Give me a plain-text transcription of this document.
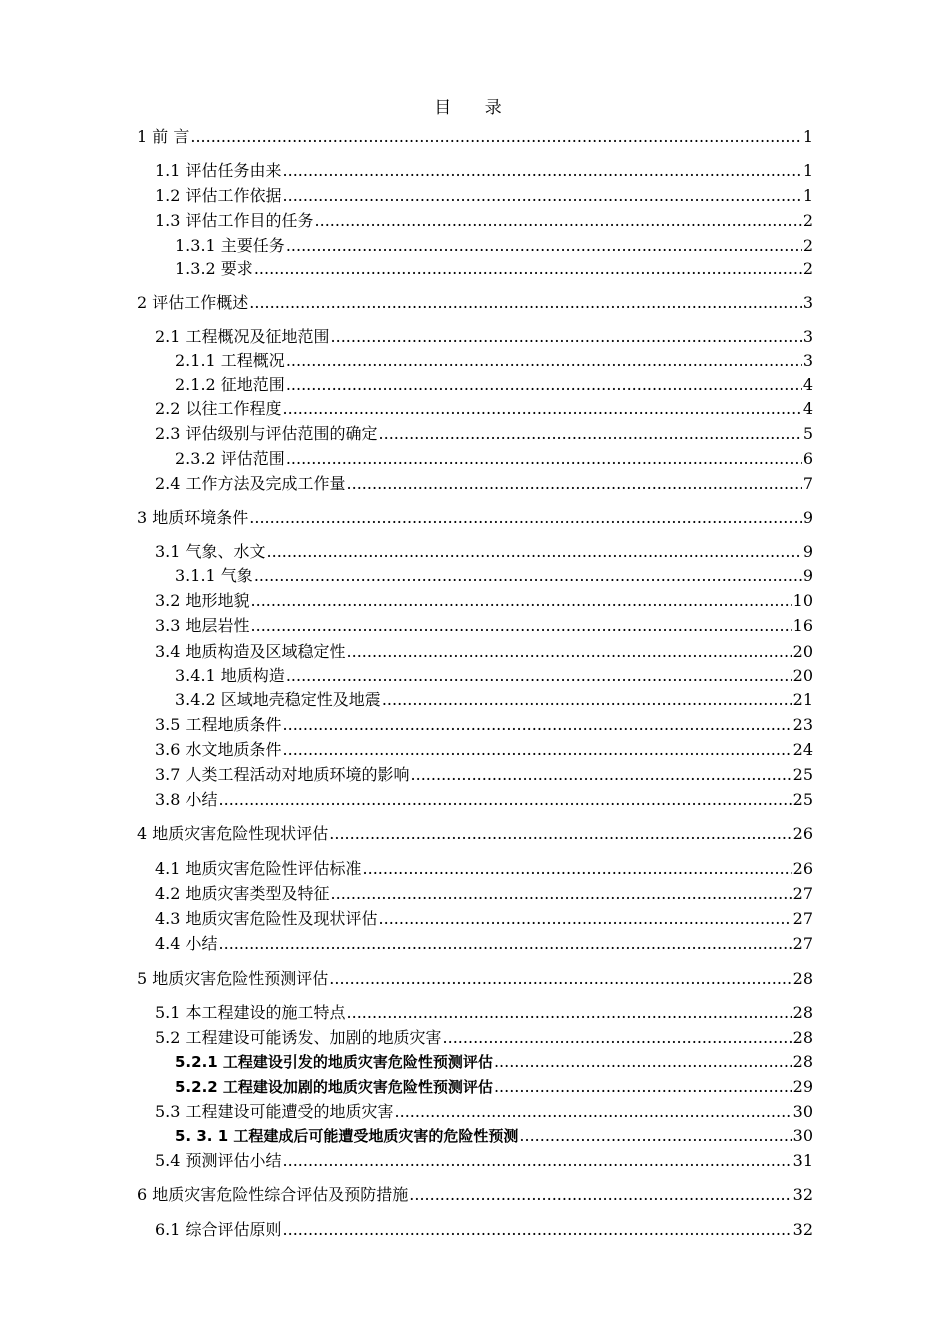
目 录
1 前 言 .....	1
1.1 评估任务由来 .....	1
1.2 评估工作依据 .....	1
1.3 评估工作目的任务 .....	2
1.3.1 主要任务 .....	2
1.3.2 要求 .....	2
2 评估工作概述 .....	3
2.1 工程概况及征地范围 .....	3
2.1.1 工程概况 .....	3
2.1.2 征地范围 .....	4
2.2 以往工作程度 .....	4
2.3 评估级别与评估范围的确定 .....	5
2.3.2 评估范围 .....	6
2.4 工作方法及完成工作量 .....	7
3 地质环境条件 .....	9
3.1 气象、水文 .....	9
3.1.1 气象 .....	9
3.2 地形地貌 .....	10
3.3 地层岩性 .....	16
3.4 地质构造及区域稳定性 .....	20
3.4.1 地质构造 .....	20
3.4.2 区域地壳稳定性及地震 .....	21
3.5 工程地质条件 .....	23
3.6 水文地质条件 .....	24
3.7 人类工程活动对地质环境的影响 .....	25
3.8 小结 .....	25
4 地质灾害危险性现状评估 .....	26
4.1 地质灾害危险性评估标准 .....	26
4.2 地质灾害类型及特征 .....	27
4.3 地质灾害危险性及现状评估 .....	27
4.4 小结 .....	27
5 地质灾害危险性预测评估 .....	28
5.1 本工程建设的施工特点 .....	28
5.2 工程建设可能诱发、加剧的地质灾害 .....	28
5.2.1 工程建设引发的地质灾害危险性预测评估 .....	28
5.2.2 工程建设加剧的地质灾害危险性预测评估 .....	29
5.3 工程建设可能遭受的地质灾害 .....	30
5. 3. 1 工程建成后可能遭受地质灾害的危险性预测 .....	30
5.4 预测评估小结 .....	31
6 地质灾害危险性综合评估及预防措施 .....	32
6.1 综合评估原则 .....	32
